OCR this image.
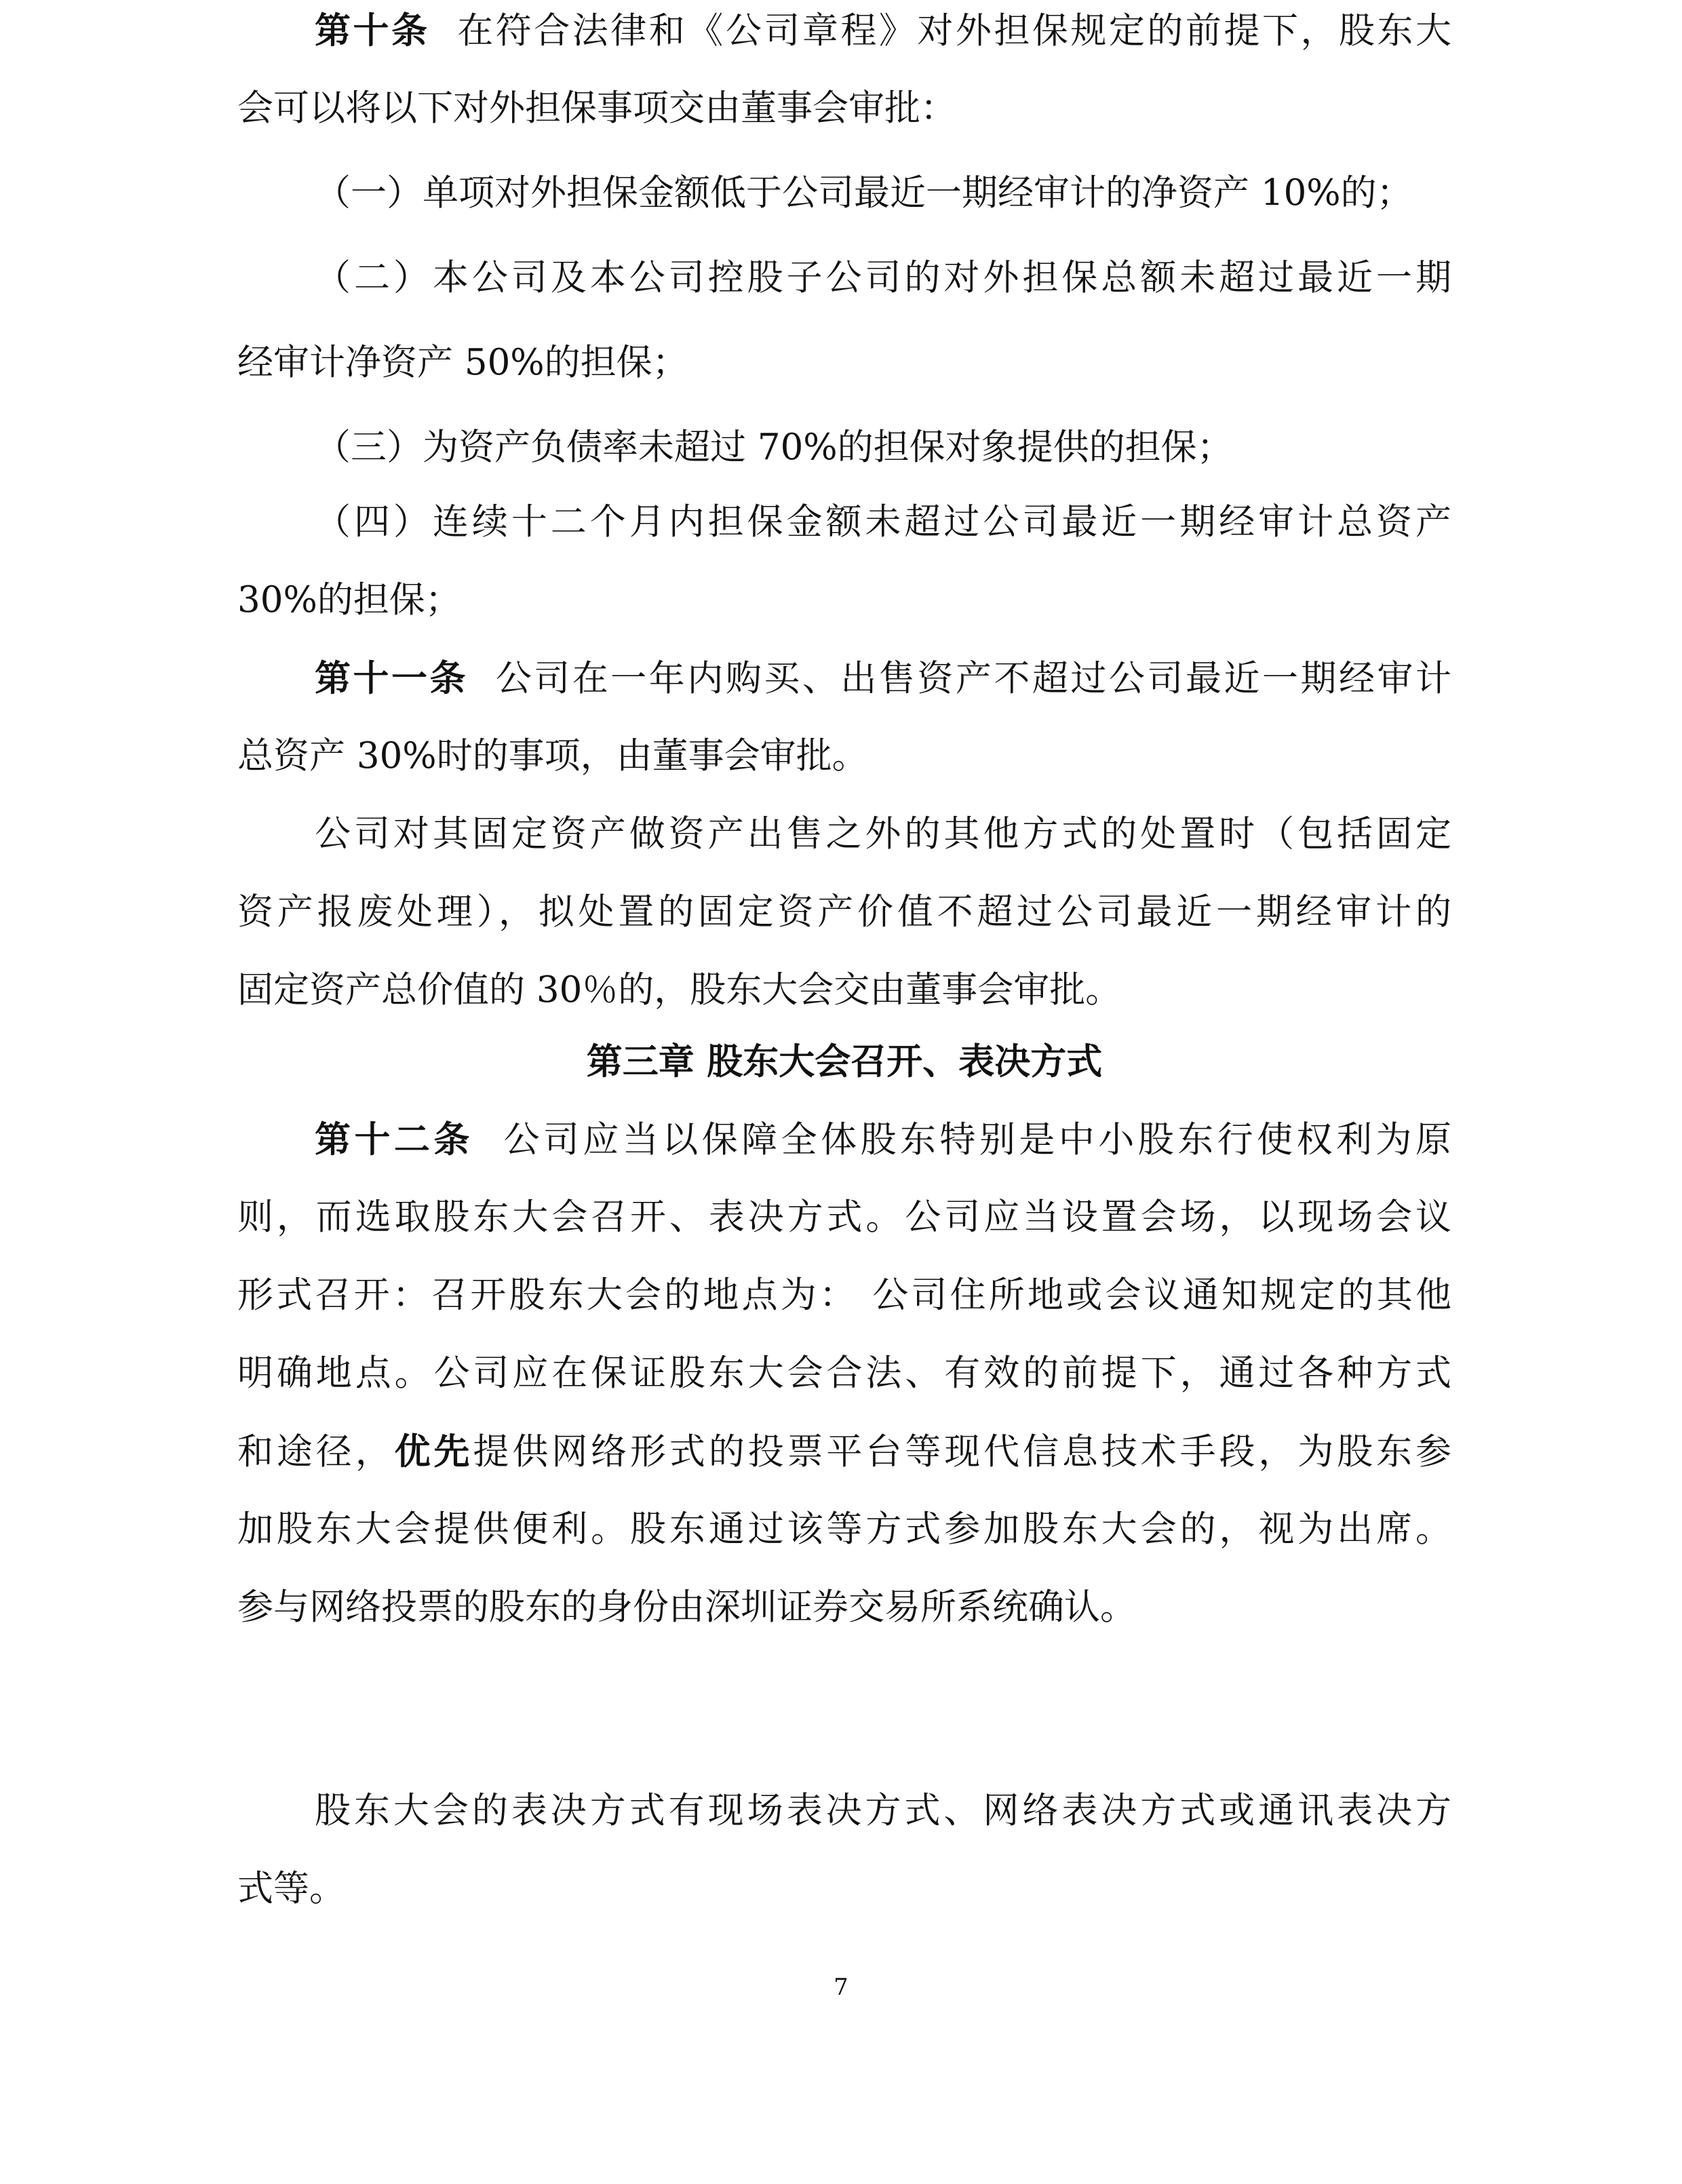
第十条 在符合法律和《公司章程》对外担保规定的前提下，股东大
会可以将以下对外担保事项交由董事会审批：
（一）单项对外担保金额低于公司最近一期经审计的净资产 10%的；
（二）本公司及本公司控股子公司的对外担保总额未超过最近一期
经审计净资产 50%的担保；
（三）为资产负债率未超过 70%的担保对象提供的担保；
（四）连续十二个月内担保金额未超过公司最近一期经审计总资产
30%的担保；
第十一条 公司在一年内购买、出售资产不超过公司最近一期经审计
总资产 30%时的事项，由董事会审批。
公司对其固定资产做资产出售之外的其他方式的处置时（包括固定
资产报废处理），拟处置的固定资产价值不超过公司最近一期经审计的
固定资产总价值的 30％的，股东大会交由董事会审批。
第三章 股东大会召开、表决方式
第十二条 公司应当以保障全体股东特别是中小股东行使权利为原
则，而选取股东大会召开、表决方式。公司应当设置会场，以现场会议
形式召开：召开股东大会的地点为： 公司住所地或会议通知规定的其他
明确地点。公司应在保证股东大会合法、有效的前提下，通过各种方式
和途径，优先提供网络形式的投票平台等现代信息技术手段，为股东参
加股东大会提供便利。股东通过该等方式参加股东大会的，视为出席。
参与网络投票的股东的身份由深圳证券交易所系统确认。
股东大会的表决方式有现场表决方式、网络表决方式或通讯表决方
式等。
7
